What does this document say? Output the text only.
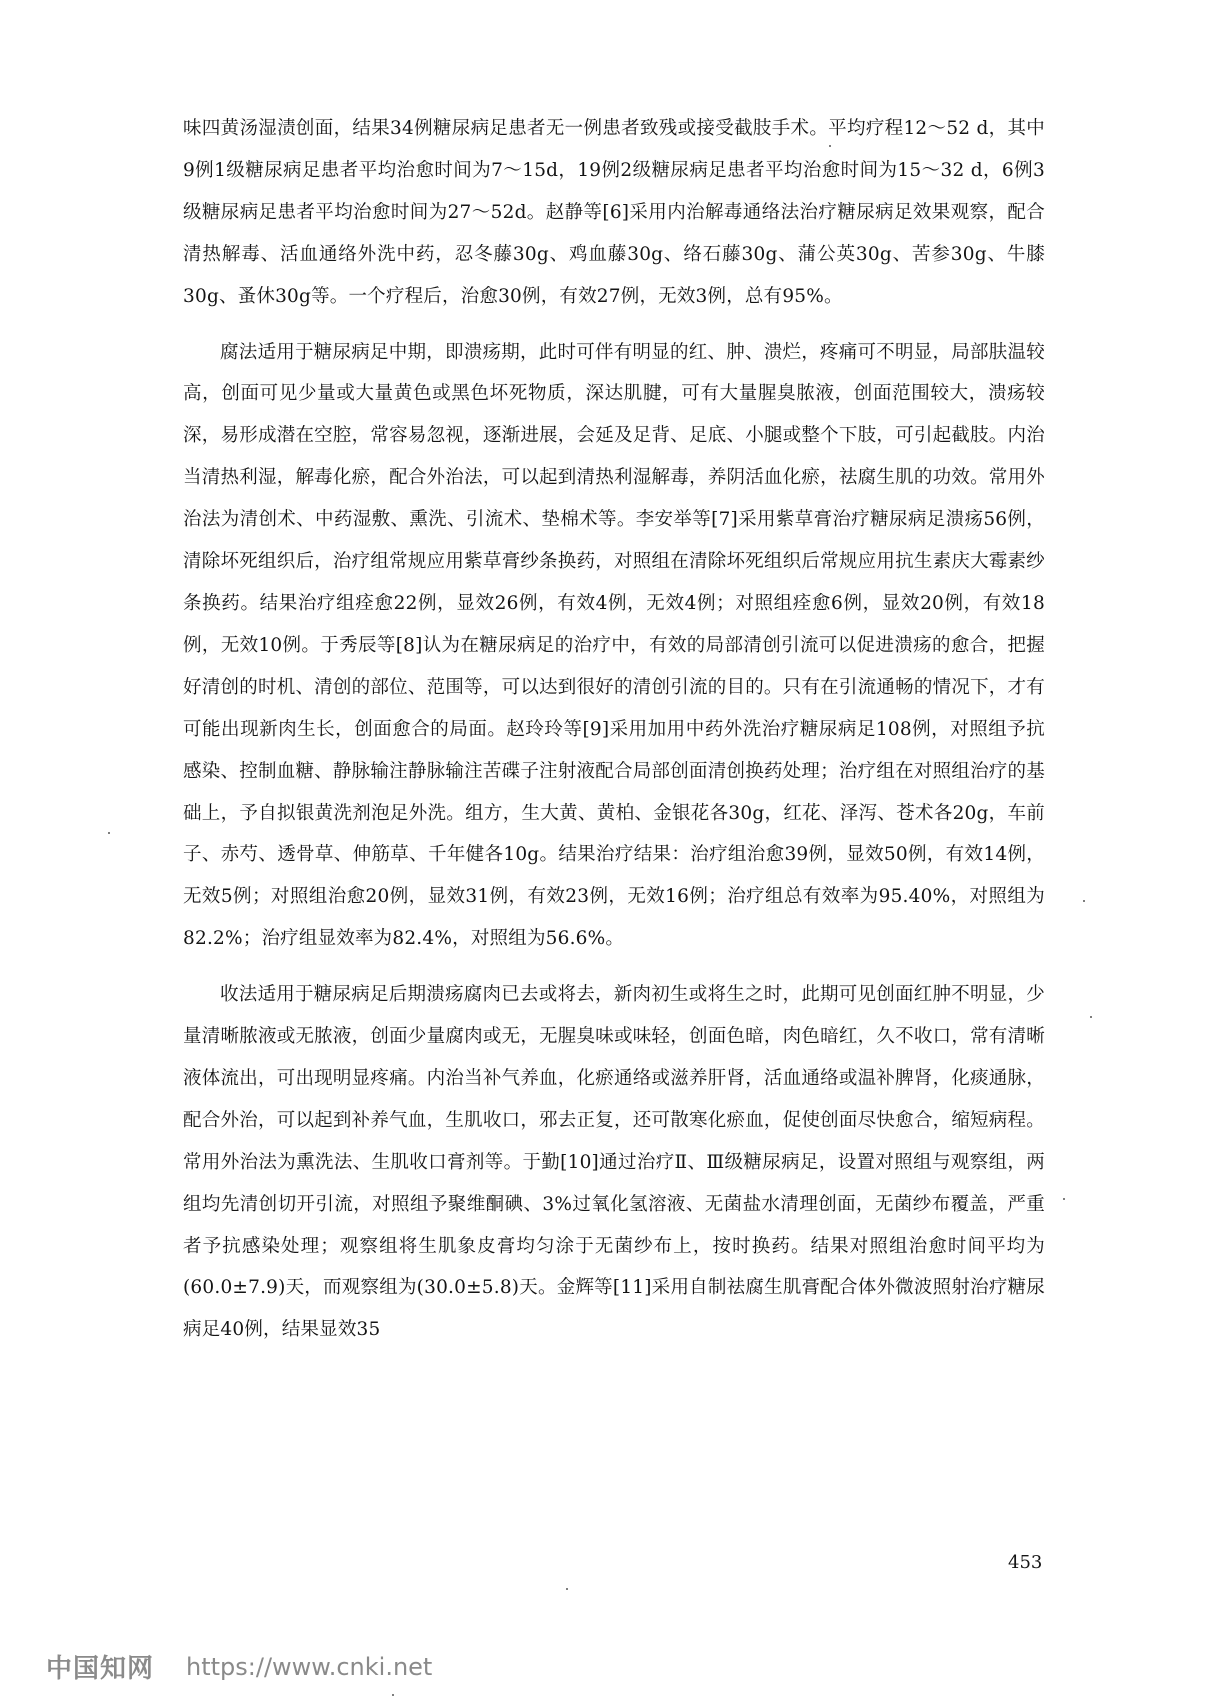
味四黄汤湿渍创面，结果34例糖尿病足患者无一例患者致残或接受截肢手术。平均疗程12～52 d，其中9例1级糖尿病足患者平均治愈时间为7～15d，19例2级糖尿病足患者平均治愈时间为15～32 d，6例3级糖尿病足患者平均治愈时间为27～52d。赵静等[6]采用内治解毒通络法治疗糖尿病足效果观察，配合清热解毒、活血通络外洗中药，忍冬藤30g、鸡血藤30g、络石藤30g、蒲公英30g、苦参30g、牛膝30g、蚤休30g等。一个疗程后，治愈30例，有效27例，无效3例，总有95%。

腐法适用于糖尿病足中期，即溃疡期，此时可伴有明显的红、肿、溃烂，疼痛可不明显，局部肤温较高，创面可见少量或大量黄色或黑色坏死物质，深达肌腱，可有大量腥臭脓液，创面范围较大，溃疡较深，易形成潜在空腔，常容易忽视，逐渐进展，会延及足背、足底、小腿或整个下肢，可引起截肢。内治当清热利湿，解毒化瘀，配合外治法，可以起到清热利湿解毒，养阴活血化瘀，祛腐生肌的功效。常用外治法为清创术、中药湿敷、熏洗、引流术、垫棉术等。李安举等[7]采用紫草膏治疗糖尿病足溃疡56例，清除坏死组织后，治疗组常规应用紫草膏纱条换药，对照组在清除坏死组织后常规应用抗生素庆大霉素纱条换药。结果治疗组痊愈22例，显效26例，有效4例，无效4例；对照组痊愈6例，显效20例，有效18例，无效10例。于秀辰等[8]认为在糖尿病足的治疗中，有效的局部清创引流可以促进溃疡的愈合，把握好清创的时机、清创的部位、范围等，可以达到很好的清创引流的目的。只有在引流通畅的情况下，才有可能出现新肉生长，创面愈合的局面。赵玲玲等[9]采用加用中药外洗治疗糖尿病足108例，对照组予抗感染、控制血糖、静脉输注静脉输注苦碟子注射液配合局部创面清创换药处理；治疗组在对照组治疗的基础上，予自拟银黄洗剂泡足外洗。组方，生大黄、黄柏、金银花各30g，红花、泽泻、苍术各20g，车前子、赤芍、透骨草、伸筋草、千年健各10g。结果治疗结果：治疗组治愈39例，显效50例，有效14例，无效5例；对照组治愈20例，显效31例，有效23例，无效16例；治疗组总有效率为95.40%，对照组为82.2%；治疗组显效率为82.4%，对照组为56.6%。

收法适用于糖尿病足后期溃疡腐肉已去或将去，新肉初生或将生之时，此期可见创面红肿不明显，少量清晰脓液或无脓液，创面少量腐肉或无，无腥臭味或味轻，创面色暗，肉色暗红，久不收口，常有清晰液体流出，可出现明显疼痛。内治当补气养血，化瘀通络或滋养肝肾，活血通络或温补脾肾，化痰通脉，配合外治，可以起到补养气血，生肌收口，邪去正复，还可散寒化瘀血，促使创面尽快愈合，缩短病程。常用外治法为熏洗法、生肌收口膏剂等。于勤[10]通过治疗Ⅱ、Ⅲ级糖尿病足，设置对照组与观察组，两组均先清创切开引流，对照组予聚维酮碘、3%过氧化氢溶液、无菌盐水清理创面，无菌纱布覆盖，严重者予抗感染处理；观察组将生肌象皮膏均匀涂于无菌纱布上，按时换药。结果对照组治愈时间平均为(60.0±7.9)天，而观察组为(30.0±5.8)天。金辉等[11]采用自制祛腐生肌膏配合体外微波照射治疗糖尿病足40例，结果显效35

453
中国知网 https://www.cnki.net
